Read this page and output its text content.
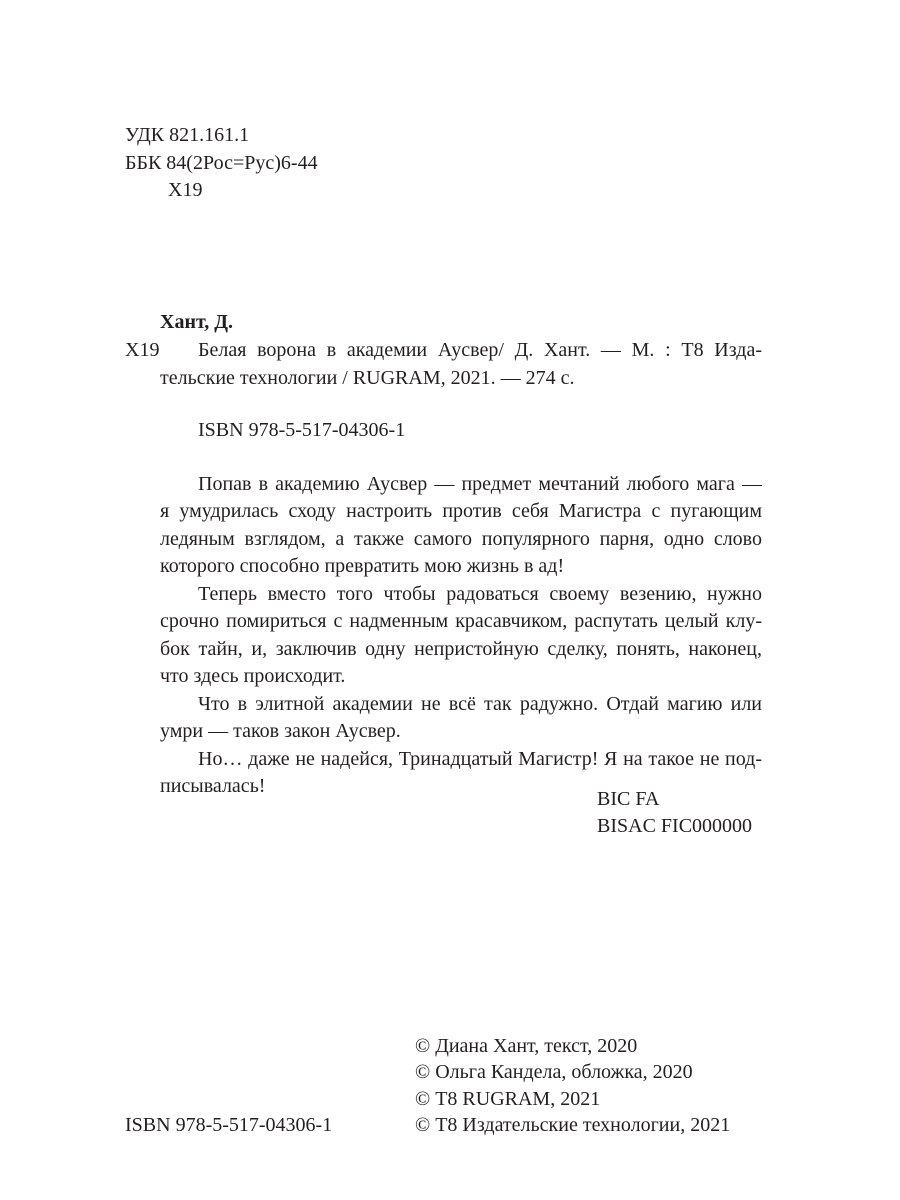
УДК 821.161.1
ББК 84(2Рос=Рус)6-44
Х19
Хант, Д.
Х19 Белая ворона в академии Аусвер/ Д. Хант. — М. : Т8 Изда-
тельские технологии / RUGRAM, 2021. — 274 с.
ISBN 978-5-517-04306-1
Попав в академию Аусвер — предмет мечтаний любого мага —
я умудрилась сходу настроить против себя Магистра с пугающим
ледяным взглядом, а также самого популярного парня, одно слово
которого способно превратить мою жизнь в ад!
Теперь вместо того чтобы радоваться своему везению, нужно
срочно помириться с надменным красавчиком, распутать целый клу-
бок тайн, и, заключив одну непристойную сделку, понять, наконец,
что здесь происходит.
Что в элитной академии не всё так радужно. Отдай магию или
умри — таков закон Аусвер.
Но… даже не надейся, Тринадцатый Магистр! Я на такое не под-
писывалась!
BIC FA
BISAC FIC000000
© Диана Хант, текст, 2020
© Ольга Кандела, обложка, 2020
© Т8 RUGRAM, 2021
© Т8 Издательские технологии, 2021
ISBN 978-5-517-04306-1
